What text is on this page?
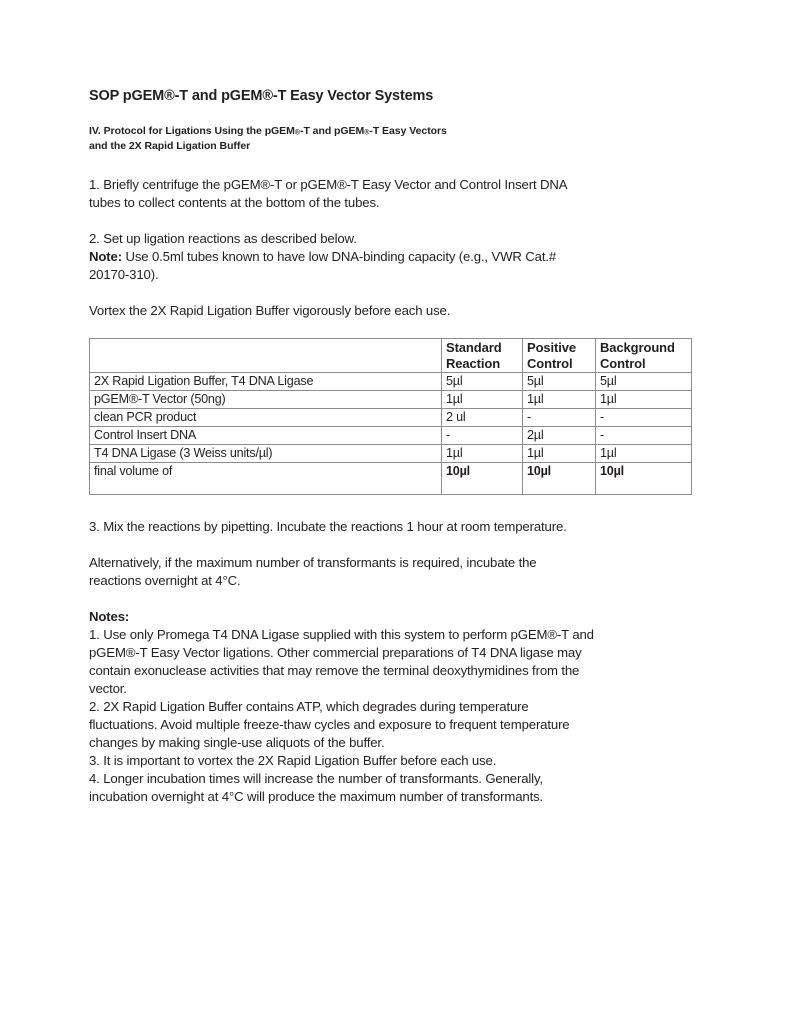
SOP pGEM®-T and pGEM®-T Easy Vector Systems
IV. Protocol for Ligations Using the pGEM®-T and pGEM®-T Easy Vectors
and the 2X Rapid Ligation Buffer

1. Briefly centrifuge the pGEM®-T or pGEM®-T Easy Vector and Control Insert DNA tubes to collect contents at the bottom of the tubes.

2. Set up ligation reactions as described below.

Note: Use 0.5ml tubes known to have low DNA-binding capacity (e.g., VWR Cat.# 20170-310).

Vortex the 2X Rapid Ligation Buffer vigorously before each use.

	Standard Reaction	Positive Control	Background Control
2X Rapid Ligation Buffer, T4 DNA Ligase	5µl	5µl	5µl
pGEM®-T Vector (50ng)	1µl	1µl	1µl
clean PCR product	2 ul	-	-
Control Insert DNA	-	2µl	-
T4 DNA Ligase (3 Weiss units/µl)	1µl	1µl	1µl
final volume of	10µl	10µl	10µl

3. Mix the reactions by pipetting. Incubate the reactions 1 hour at room temperature.

Alternatively, if the maximum number of transformants is required, incubate the reactions overnight at 4°C.

Notes:

1. Use only Promega T4 DNA Ligase supplied with this system to perform pGEM®-T and pGEM®-T Easy Vector ligations. Other commercial preparations of T4 DNA ligase may contain exonuclease activities that may remove the terminal deoxythymidines from the vector.

2. 2X Rapid Ligation Buffer contains ATP, which degrades during temperature fluctuations. Avoid multiple freeze-thaw cycles and exposure to frequent temperature changes by making single-use aliquots of the buffer.

3. It is important to vortex the 2X Rapid Ligation Buffer before each use.

4. Longer incubation times will increase the number of transformants. Generally, incubation overnight at 4°C will produce the maximum number of transformants.
